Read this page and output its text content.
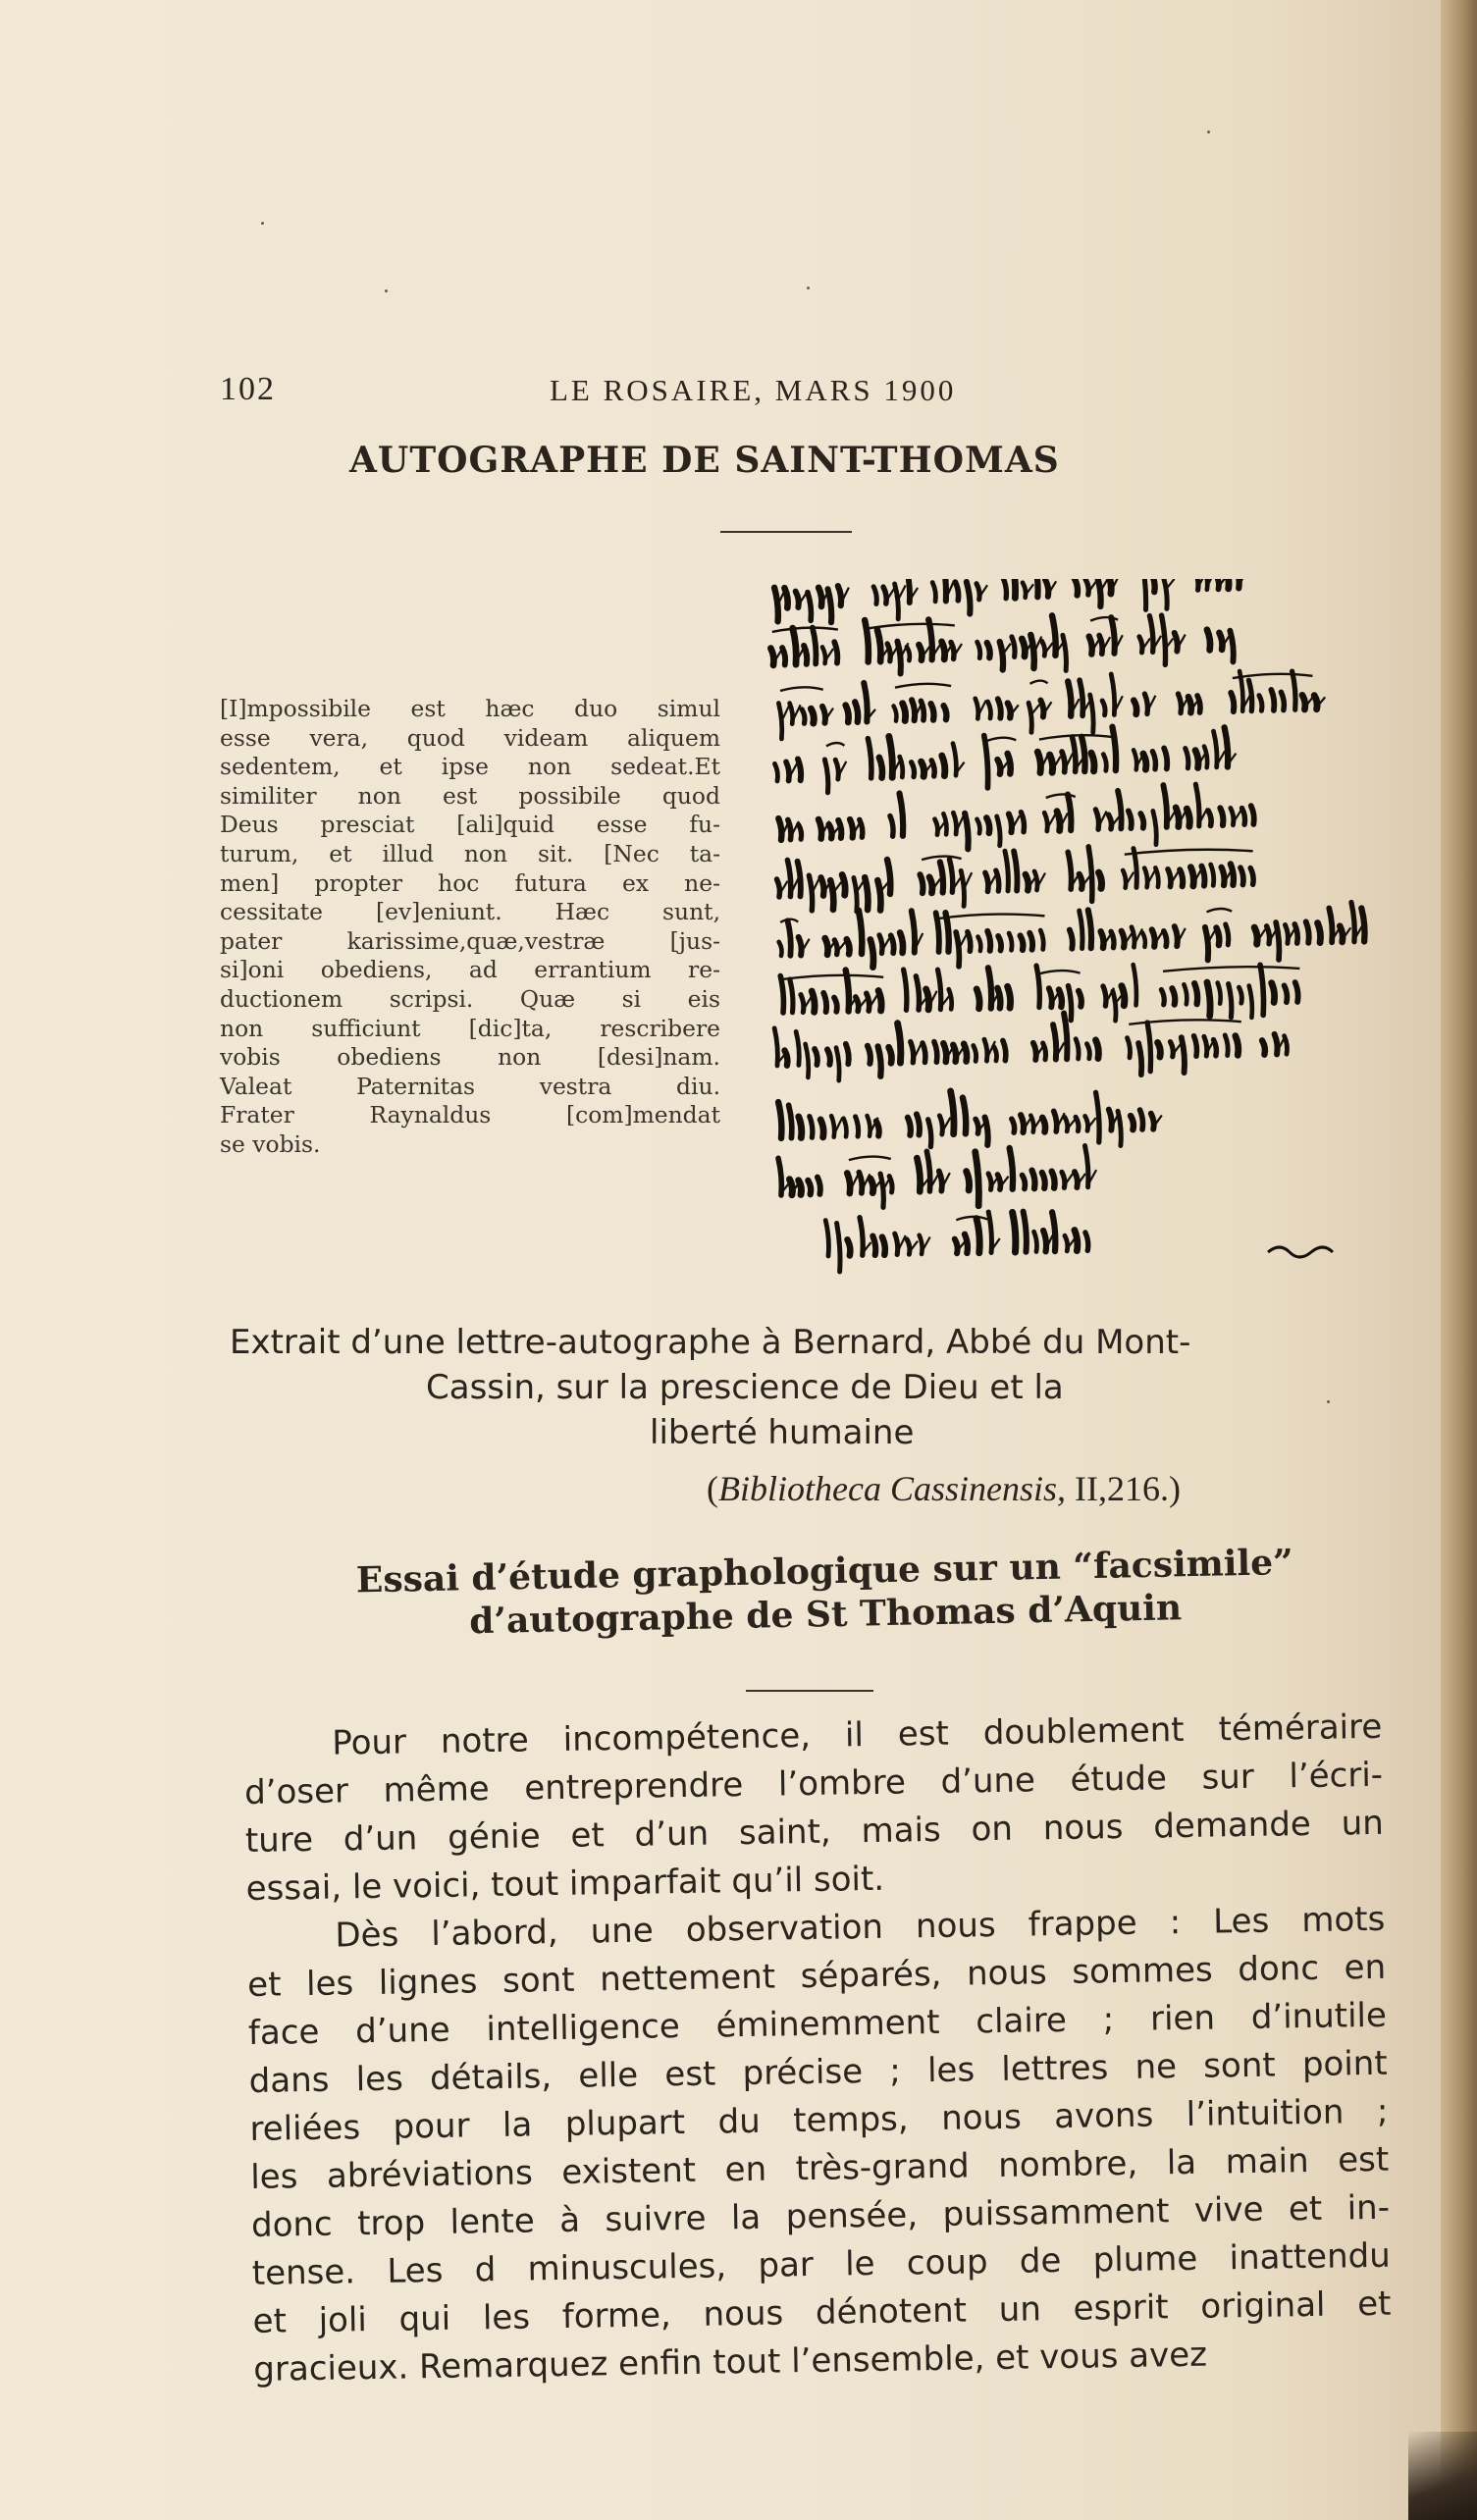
102	LE ROSAIRE, MARS 1900
AUTOGRAPHE DE SAINT-THOMAS
[I]mpossibile est hæc duo simul
esse vera, quod videam aliquem
sedentem, et ipse non sedeat.Et
similiter non est possibile quod
Deus presciat [ali]quid esse fu-
turum, et illud non sit. [Nec ta-
men] propter hoc futura ex ne-
cessitate [ev]eniunt. Hæc sunt,
pater karissime,quæ,vestræ [jus-
si]oni obediens, ad errantium re-
ductionem scripsi. Quæ si eis
non sufficiunt [dic]ta, rescribere
vobis obediens non [desi]nam.
Valeat Paternitas vestra diu.
Frater Raynaldus [com]mendat
se vobis.
Extrait d’une lettre-autographe à Bernard, Abbé du Mont-
Cassin, sur la prescience de Dieu et la
liberté humaine
(Bibliotheca Cassinensis, II,216.)
Essai d’étude graphologique sur un “facsimile”
d’autographe de St Thomas d’Aquin

Pour notre incompétence, il est doublement téméraire
d’oser même entreprendre l’ombre d’une étude sur l’écri-
ture d’un génie et d’un saint, mais on nous demande un
essai, le voici, tout imparfait qu’il soit.

Dès l’abord, une observation nous frappe : Les mots
et les lignes sont nettement séparés, nous sommes donc en
face d’une intelligence éminemment claire ; rien d’inutile
dans les détails, elle est précise ; les lettres ne sont point
reliées pour la plupart du temps, nous avons l’intuition ;
les abréviations existent en très-grand nombre, la main est
donc trop lente à suivre la pensée, puissamment vive et in-
tense. Les d minuscules, par le coup de plume inattendu
et joli qui les forme, nous dénotent un esprit original et
gracieux. Remarquez enfin tout l’ensemble, et vous avez
